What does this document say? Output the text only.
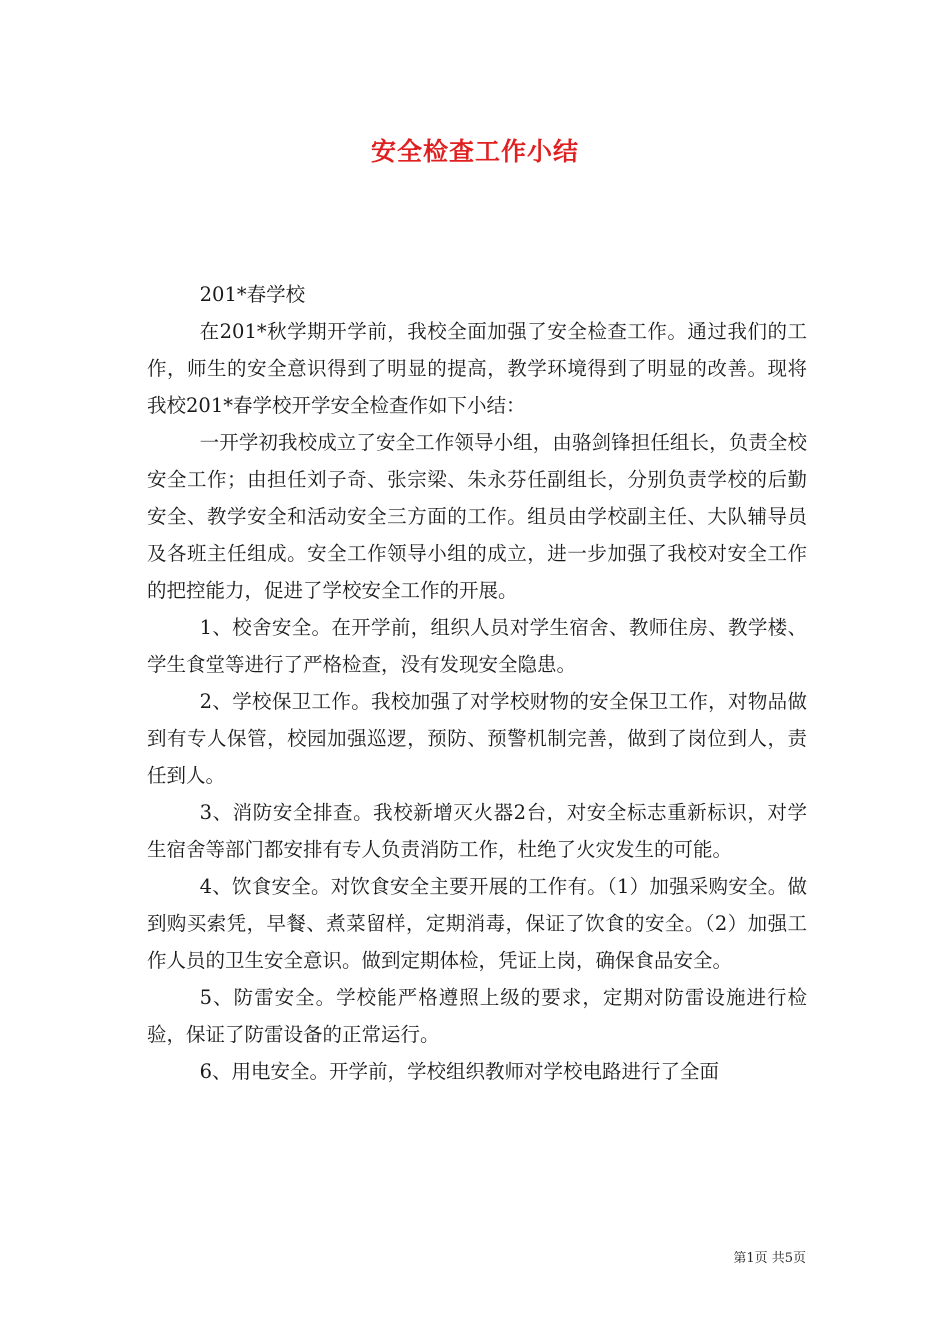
安全检查工作小结

201*春学校

在201*秋学期开学前，我校全面加强了安全检查工作。通过我们的工作，师生的安全意识得到了明显的提高，教学环境得到了明显的改善。现将我校201*春学校开学安全检查作如下小结：

一开学初我校成立了安全工作领导小组，由骆剑锋担任组长，负责全校安全工作；由担任刘子奇、张宗梁、朱永芬任副组长，分别负责学校的后勤安全、教学安全和活动安全三方面的工作。组员由学校副主任、大队辅导员及各班主任组成。安全工作领导小组的成立，进一步加强了我校对安全工作的把控能力，促进了学校安全工作的开展。

1、校舍安全。在开学前，组织人员对学生宿舍、教师住房、教学楼、学生食堂等进行了严格检查，没有发现安全隐患。

2、学校保卫工作。我校加强了对学校财物的安全保卫工作，对物品做到有专人保管，校园加强巡逻，预防、预警机制完善，做到了岗位到人，责任到人。

3、消防安全排查。我校新增灭火器2台，对安全标志重新标识，对学生宿舍等部门都安排有专人负责消防工作，杜绝了火灾发生的可能。

4、饮食安全。对饮食安全主要开展的工作有。（1）加强采购安全。做到购买索凭，早餐、煮菜留样，定期消毒，保证了饮食的安全。（2）加强工作人员的卫生安全意识。做到定期体检，凭证上岗，确保食品安全。

5、防雷安全。学校能严格遵照上级的要求，定期对防雷设施进行检验，保证了防雷设备的正常运行。

6、用电安全。开学前，学校组织教师对学校电路进行了全面

第1页 共5页
